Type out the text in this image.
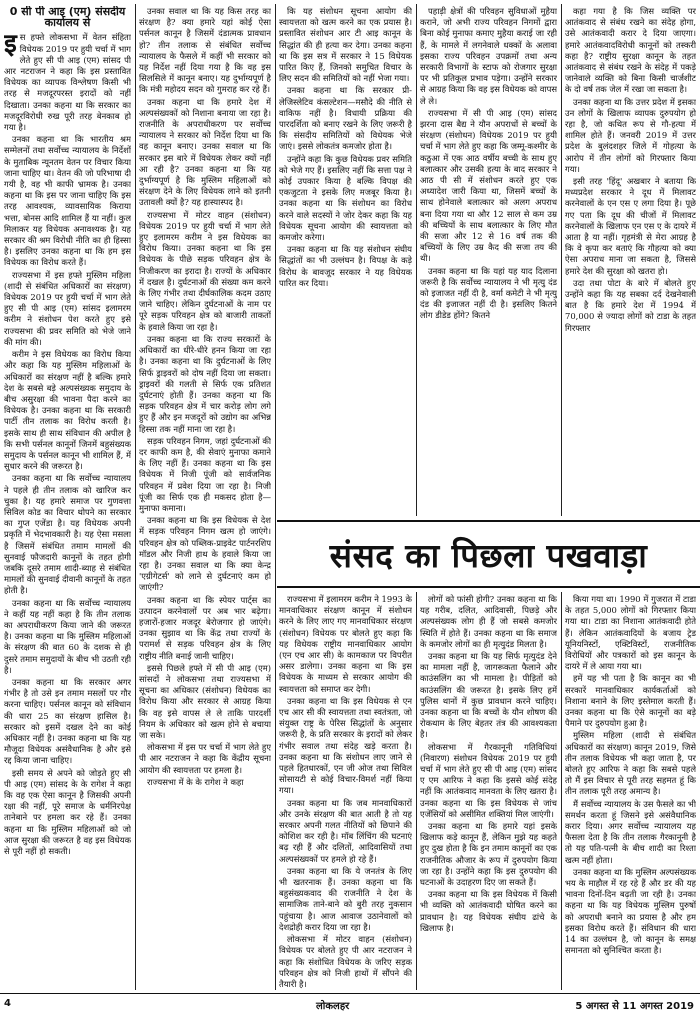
0 सी पी आइ (एम) संसदीय कार्यालय से

इस हफ्ते लोकसभा में वेतन संहिता विधेयक 2019 पर हुयी चर्चा में भाग लेते हुए सी पी आइ (एम) सांसद पी आर नटराजन ने कहा कि इस प्रस्तावित विधेयक का व्यापक विश्लेषण किसी भी तरह से मजदूरपरस्त इरादों को नहीं दिखाता। उनका कहना था कि सरकार का मजदूरविरोधी रुख पूरी तरह बेनकाब हो गया है।

उनका कहना था कि भारतीय श्रम सम्मेलनों तथा सर्वोच्च न्यायालय के निर्देशों के मुताबिक न्यूनतम वेतन पर विचार किया जाना चाहिए था। वेतन की जो परिभाषा दी गयी है, वह भी काफी भ्रामक है। उनका कहना था कि इस पर जाना चाहिए कि इस तरह आवश्यक, व्यावसायिक किराया भत्ता, बोनस आदि शामिल हैं या नहीं। कुल मिलाकर यह विधेयक अनावश्यक है। यह सरकार की श्रम विरोधी नीति का ही हिस्सा है। इसलिए उनका कहना था कि हम इस विधेयक का विरोध करते हैं।

राज्यसभा में इस हफ्ते मुस्लिम महिला (शादी से संबंधित अधिकारों का संरक्षण) विधेयक 2019 पर हुयी चर्चा में भाग लेते हुए सी पी आइ (एम) सांसद इलामरम करीम ने संशोधन पेश करते हुए इसे राज्यसभा की प्रवर समिति को भेजे जाने की मांग की।

करीम ने इस विधेयक का विरोध किया और कहा कि यह मुस्लिम महिलाओं के अधिकारों का संरक्षण नहीं है बल्कि हमारे देश के सबसे बड़े अल्पसंख्यक समुदाय के बीच असुरक्षा की भावना पैदा करने का विधेयक है। उनका कहना था कि सरकारी पार्टी तीन तलाक का विरोध करती है। इसके साथ ही साथ संविधान की अपील है कि सभी पर्सनल कानूनों जिनमें बहुसंख्यक समुदाय के पर्सनल कानून भी शामिल हैं, में सुधार करने की जरूरत है।

उनका कहना था कि सर्वोच्च न्यायालय ने पहले ही तीन तलाक को खारिज कर चुका है। यह हमारे समाज पर गुणवत्ता सिविल कोड का विचार थोपने का सरकार का गुप्त एजेंडा है। यह विधेयक अपनी प्रकृति में भेदभावकारी है। यह ऐसा मसला है जिसमें संबंधित तमाम मामलों की सुनवाई फौजदारी कानूनों के तहत होगी जबकि दूसरे तमाम शादी-ब्याह से संबंधित मामलों की सुनवाई दीवानी कानूनों के तहत होती है।

उनका कहना था कि सर्वोच्च न्यायालय ने कहीं यह नहीं कहा है कि तीन तलाक का अपराधीकरण किया जाने की जरूरत है। उनका कहना था कि मुस्लिम महिलाओं के संरक्षण की बात 60 के दशक से ही दुसरे तमाम समुदायों के बीच भी उठती रही है।

उनका कहना था कि सरकार अगर गंभीर है तो उसे इन तमाम मसलों पर गौर करना चाहिए। पर्सनल कानून को संविधान की धारा 25 का संरक्षण हासिल है। सरकार को इसमें दखल देने का कोई अधिकार नहीं है। उनका कहना था कि यह मौजूदा विधेयक असंवैधानिक है और इसे रद्द किया जाना चाहिए।

इसी समय से अपने को जोड़ते हुए सी पी आइ (एम) सांसद के के रागेश ने कहा कि वह एक ऐसा कानून है जिसकी अपनी रक्षा की नहीं, पूरे समाज के धर्मनिरपेक्ष तानेबाने पर हमला कर रहे हैं। उनका कहना था कि मुस्लिम महिलाओं को जो आज सुरक्षा की जरूरत है वह इस विधेयक से पूरी नहीं हो सकती।

उनका सवाल था कि यह किस तरह का संरक्षण है? क्या हमारे यहां कोई ऐसा पर्सनल कानून है जिसमें दंडात्मक प्रावधान हो? तीन तलाक से संबंधित सर्वोच्च न्यायालय के फैसले में कहीं भी सरकार को यह निर्देश नहीं दिया गया है कि वह इस सिलसिले में कानून बनाए। यह दुर्भाग्यपूर्ण है कि मंत्री महोदय सदन को गुमराह कर रहे हैं।

उनका कहना था कि हमारे देश में अल्पसंख्यकों को निशाना बनाया जा रहा है। राजनीति के अपराधीकरण पर सर्वोच्च न्यायालय ने सरकार को निर्देश दिया था कि वह कानून बनाए। उनका सवाल था कि सरकार इस बारे में विधेयक लेकर क्यों नहीं आ रही है? उनका कहना था कि यह दुर्भाग्यपूर्ण है कि मुस्लिम महिलाओं को संरक्षण देने के लिए विधेयक लाने को इतनी उतावली क्यों है? यह हास्यास्पद है।

राज्यसभा में मोटर वाहन (संशोधन) विधेयक 2019 पर हुयी चर्चा में भाग लेते हुए इलामरम करीम ने इस विधेयक का विरोध किया। उनका कहना था कि इस विधेयक के पीछे सड़क परिवहन क्षेत्र के निजीकरण का इरादा है। राज्यों के अधिकार में दखल है। दुर्घटनाओं की संख्या कम करने के लिए गंभीर तथा दीर्घकालिक कदम उठाए जाने चाहिए। लेकिन दुर्घटनाओं के नाम पर पूरे सड़क परिवहन क्षेत्र को बाजारी ताकतों के हवाले किया जा रहा है।

उनका कहना था कि राज्य सरकारों के अधिकारों का धीरे-धीरे हनन किया जा रहा है। उनका कहना था कि दुर्घटनाओं के लिए सिर्फ ड्राइवरों को दोष नहीं दिया जा सकता। ड्राइवरों की गलती से सिर्फ एक प्रतिशत दुर्घटनाएं होती हैं। उनका कहना था कि सड़क परिवहन क्षेत्र में चार करोड़ लोग लगे हुए हैं और इन मजदूरों को उद्योग का अभिन्न हिस्सा तक नहीं माना जा रहा है।

सड़क परिवहन निगम, जहां दुर्घटनाओं की दर काफी कम है, की सेवाएं मुनाफा कमाने के लिए नहीं हैं। उनका कहना था कि इस विधेयक में निजी पूंजी को सार्वजनिक परिवहन में प्रवेश दिया जा रहा है। निजी पूंजी का सिर्फ एक ही मकसद होता है—मुनाफा कमाना।

उनका कहना था कि इस विधेयक से देश में सड़क परिवहन निगम खत्म हो जाएंगे। परिवहन क्षेत्र को पब्लिक-प्राइवेट पार्टनरशिप मॉडल और निजी हाथ के हवाले किया जा रहा है। उनका सवाल था कि क्या केन्द्र 'एग्रीगेटर्स' को लाने से दुर्घटनाएं कम हो जाएंगी?

उनका कहना था कि स्पेयर पार्ट्स का उत्पादन करनेवालों पर अब भार बढ़ेगा। हजारों-हजार मजदूर बेरोजगार हो जाएंगे। उनका सुझाव था कि केंद्र तथा राज्यों के परामर्श से सड़क परिवहन क्षेत्र के लिए राष्ट्रीय नीति बनाई जानी चाहिए।

इससे पिछले हफ्ते में सी पी आइ (एम) सांसदों ने लोकसभा तथा राज्यसभा में सूचना का अधिकार (संशोधन) विधेयक का विरोध किया और सरकार से आग्रह किया कि वह इसे वापस ले ले ताकि पारदर्शी नियम के अधिकार को खत्म होने से बचाया जा सके।

लोकसभा में इस पर चर्चा में भाग लेते हुए पी आर नटराजन ने कहा कि केंद्रीय सूचना आयोग की स्वायत्तता पर हमला है।

राज्यसभा में के के रागेश ने कहा

कि यह संशोधन सूचना आयोग की स्वायत्तता को खत्म करने का एक प्रयास है। प्रस्तावित संशोधन आर टी आइ कानून के सिद्धांत की ही हत्या कर देगा। उनका कहना था कि इस सत्र में सरकार ने 15 विधेयक पारित किए हैं, जिनको समुचित विचार के लिए सदन की समितियों को नहीं भेजा गया।

उनका कहना था कि सरकार प्री-लेजिस्लेटिव कंसल्टेशन—मसौदे की नीति से वाकिफ नहीं है। विधायी प्रक्रिया की पारदर्शिता को बनाए रखने के लिए जरूरी है कि संसदीय समितियों को विधेयक भेजे जाएं। इससे लोकतंत्र कमजोर होता है।

उन्होंने कहा कि कुछ विधेयक प्रवर समिति को भेजे गए हैं। इसलिए नहीं कि सत्ता पक्ष ने कोई उपकार किया है बल्कि विपक्ष की एकजुटता ने इसके लिए मजबूर किया है। उनका कहना था कि संशोधन का विरोध करने वाले सदस्यों ने जोर देकर कहा कि यह विधेयक सूचना आयोग की स्वायत्तता को कमजोर करेगा।

उनका कहना था कि यह संशोधन संघीय सिद्धांतों का भी उल्लंघन है। विपक्ष के कड़े विरोध के बावजूद सरकार ने यह विधेयक पारित कर दिया।

पहाड़ी क्षेत्रों की परिवहन सुविधाओं मुहैया कराने, जो अभी राज्य परिवहन निगमों द्वारा बिना कोई मुनाफा कमाए मुहैया कराई जा रही हैं, के मामले में लगनेवाले धक्कों के अलावा इसका राज्य परिवहन उपक्रमों तथा अन्य सरकारी विभागों के स्टाफ को रोजगार सुरक्षा पर भी प्रतिकूल प्रभाव पड़ेगा। उन्होंने सरकार से आग्रह किया कि वह इस विधेयक को वापस ले ले।

राज्यसभा में सी पी आइ (एम) सांसद झरना दास बैद्य ने यौन अपराधों से बच्चों के संरक्षण (संशोधन) विधेयक 2019 पर हुयी चर्चा में भाग लेते हुए कहा कि जम्मू-कश्मीर के कठुआ में एक आठ वर्षीय बच्ची के साथ हुए बलात्कार और उसकी हत्या के बाद सरकार ने आठ पी सी में संशोधन करते हुए एक अध्यादेश जारी किया था, जिसमें बच्चों के साथ होनेवाले बलात्कार को अलग अपराध बना दिया गया था और 12 साल से कम उम्र की बच्चियों के साथ बलात्कार के लिए मौत की सजा और 12 से 16 वर्ष तक की बच्चियों के लिए उम्र कैद की सजा तय की थी।

उनका कहना था कि यहां यह याद दिलाना जरूरी है कि सर्वोच्च न्यायालय ने भी मृत्यु दंड को इजाजत नहीं दी है, वर्मा कमेटी ने भी मृत्यु दंड की इजाजत नहीं दी है। इसलिए कितने लोग डीडेड होंगे? कितने

कहा गया है कि जिस व्यक्ति पर आतंकवाद से संबंध रखने का संदेह होगा, उसे आतंकवादी करार दे दिया जाएगा। हमारे आतंकवादविरोधी कानूनों को तस्करी कहा है? राष्ट्रीय सुरक्षा कानून के तहत आतंकवाद से संबंध रखने के संदेह में पकड़े जानेवाले व्यक्ति को बिना किसी चार्जशीट के दो वर्ष तक जेल में रखा जा सकता है।

उनका कहना था कि उत्तर प्रदेश में इसका उन लोगों के खिलाफ व्यापक दुरुपयोग हो रहा है, जो कथित रूप से गौ-हत्या में शामिल होते हैं। जनवरी 2019 में उत्तर प्रदेश के बुलंदशहर जिले में गोहत्या के आरोप में तीन लोगों को गिरफ्तार किया गया।

इसी तरह 'हिंदू' अखबार ने बताया कि मध्यप्रदेश सरकार ने दूध में मिलावट करनेवालों के एन एस ए लगा दिया है। पूछे गए पता कि दूध की चीजों में मिलावट करनेवालों के खिलाफ एन एस ए के दायरे में आता है या नहीं। गृहमंत्री से मेरा आग्रह है कि वे कृपा कर बताएं कि गौहत्या को क्या ऐसा अपराध माना जा सकता है, जिससे हमारे देश की सुरक्षा को खतरा हो।

उदा तथा पोटा के बारे में बोलते हुए उन्होंने कहा कि यह सबका दर्द देखनेवाली बात है कि हमारे देश में 1994 में 70,000 से ज्यादा लोगों को टाडा के तहत गिरफ्तार

संसद का पिछला पखवाड़ा

राज्यसभा में इलामरम करीम ने 1993 के मानवाधिकार संरक्षण कानून में संशोधन करने के लिए लाए गए मानवाधिकार संरक्षण (संशोधन) विधेयक पर बोलते हुए कहा कि यह विधेयक राष्ट्रीय मानवाधिकार आयोग (एन एच आर सी) के कामकाज पर विपरीत असर डालेगा। उनका कहना था कि इस विधेयक के माध्यम से सरकार आयोग की स्वायत्तता को समाप्त कर देगी।

उनका कहना था कि इस विधेयक से एन एच आर सी की स्वायत्तता तथा स्वतंत्रता, जो संयुक्त राष्ट्र के पेरिस सिद्धांतों के अनुसार जरूरी है, के प्रति सरकार के इरादों को लेकर गंभीर सवाल तथा संदेह खड़े करता है। उनका कहना था कि संशोधन लाए जाने से पहले हितधारकों, एन जी ओज तथा सिविल सोसायटी से कोई विचार-विमर्श नहीं किया गया।

उनका कहना था कि जब मानवाधिकारों और उनके संरक्षण की बात आती है तो यह सरकार अपनी गलत नीतियों को छिपाने की कोशिश कर रही है। मॉब लिंचिंग की घटनाएं बढ़ रही हैं और दलितों, आदिवासियों तथा अल्पसंख्यकों पर हमले हो रहे हैं।

उनका कहना था कि ये जनतंत्र के लिए भी खतरनाक हैं। उनका कहना था कि बहुसंख्यकवाद की राजनीति ने देश के सामाजिक ताने-बाने को बुरी तरह नुकसान पहुंचाया है। आज आवाज उठानेवालों को देशद्रोही करार दिया जा रहा है।

लोकसभा में मोटर वाहन (संशोधन) विधेयक पर बोलते हुए पी आर नटराजन ने कहा कि संशोधित विधेयक के जरिए सड़क परिवहन क्षेत्र को निजी हाथों में सौंपने की तैयारी है।

लोगों को फांसी होगी? उनका कहना था कि यह गरीब, दलित, आदिवासी, पिछड़े और अल्पसंख्यक लोग ही हैं जो सबसे कमजोर स्थिति में होते हैं। उनका कहना था कि समाज के कमजोर लोगों का ही मृत्युदंड मिलता है।

उनका कहना था कि यह सिर्फ मृत्युदंड देने का मामला नहीं है, जागरूकता फैलाने और काउंसलिंग का भी मामला है। पीड़ितों को काउंसलिंग की जरूरत है। इसके लिए हमें पुलिस थानों में कुछ प्रावधान करने चाहिए। उनका कहना था कि बच्चों के यौन शोषण की रोकथाम के लिए बेहतर तंत्र की आवश्यकता है।

लोकसभा में गैरकानूनी गतिविधियां (निवारण) संशोधन विधेयक 2019 पर हुयी चर्चा में भाग लेते हुए सी पी आइ (एम) सांसद ए एम आरिफ ने कहा कि इससे कोई संदेह नहीं कि आतंकवाद मानवता के लिए खतरा है। उनका कहना था कि इस विधेयक से जांच एजेंसियों को असीमित शक्तियां मिल जाएंगी।

उनका कहना था कि हमारे यहां इसके खिलाफ कड़े कानून हैं, लेकिन मुझे यह कहते हुए दुख होता है कि इन तमाम कानूनों का एक राजनीतिक औजार के रूप में दुरुपयोग किया जा रहा है। उन्होंने कहा कि इस दुरुपयोग की घटनाओं के उदाहरण दिए जा सकते हैं।

उनका कहना था कि इस विधेयक में किसी भी व्यक्ति को आतंकवादी घोषित करने का प्रावधान है। यह विधेयक संघीय ढांचे के खिलाफ है।

किया गया था। 1990 में गुजरात में टाडा के तहत 5,000 लोगों को गिरफ्तार किया गया था। टाडा का निशाना आतंकवादी होते हैं। लेकिन आतंकवादियों के बजाय ट्रेड यूनियनिस्टों, एक्टिविस्टों, राजनीतिक विरोधियों और पत्रकारों को इस कानून के दायरे में ले आया गया था।

हमें यह भी पता है कि कानून का भी सरकारें मानवाधिकार कार्यकर्ताओं को निशाना बनाने के लिए इस्तेमाल करती हैं। उनका कहना था कि ऐसे कानूनों का बड़े पैमाने पर दुरुपयोग हुआ है।

मुस्लिम महिला (शादी से संबंधित अधिकारों का संरक्षण) कानून 2019, जिसे तीन तलाक विधेयक भी कहा जाता है, पर बोलते हुए आरिफ ने कहा कि सबसे पहले तो मैं इस विचार से पूरी तरह सहमत हूं कि तीन तलाक पूरी तरह अमान्य है।

मैं सर्वोच्च न्यायालय के उस फैसले का भी समर्थन करता हूं जिसने इसे असंवैधानिक करार दिया। अगर सर्वोच्च न्यायालय यह फैसला देता है कि तीन तलाक गैरकानूनी है तो यह पति-पत्नी के बीच शादी का रिश्ता खत्म नहीं होता।

उनका कहना था कि मुस्लिम अल्पसंख्यक भय के माहौल में रह रहे हैं और डर की यह भावना दिनों-दिन बढ़ती जा रही है। उनका कहना था कि यह विधेयक मुस्लिम पुरुषों को अपराधी बनाने का प्रयास है और हम इसका विरोध करते हैं। संविधान की धारा 14 का उल्लंघन है, जो कानून के समक्ष समानता को सुनिश्चित करता है।

4	लोकलहर	5 अगस्त से 11 अगस्त 2019
